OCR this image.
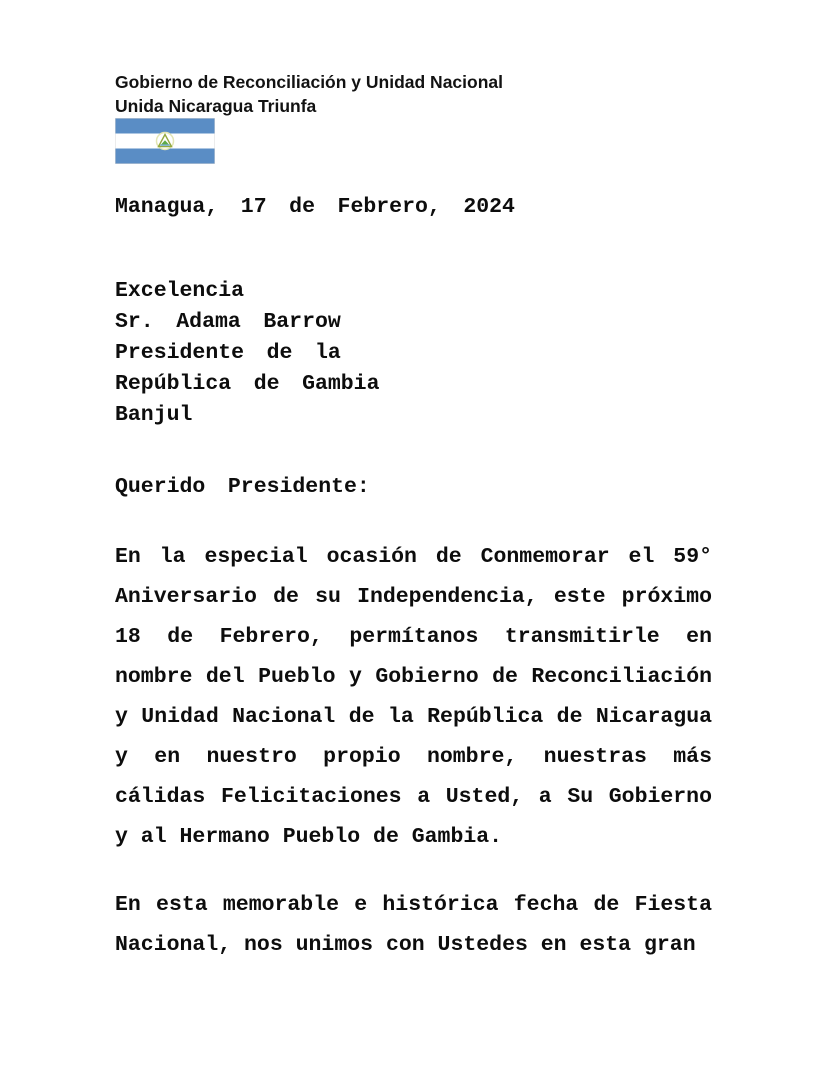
Gobierno de Reconciliación y Unidad Nacional
Unida Nicaragua Triunfa
Managua, 17 de Febrero, 2024
Excelencia
Sr. Adama Barrow
Presidente de la
República de Gambia
Banjul
Querido Presidente:
En la especial ocasión de Conmemorar el 59° Aniversario de su Independencia, este próximo 18 de Febrero, permítanos transmitirle en nombre del Pueblo y Gobierno de Reconciliación y Unidad Nacional de la República de Nicaragua y en nuestro propio nombre, nuestras más cálidas Felicitaciones a Usted, a Su Gobierno y al Hermano Pueblo de Gambia.
En esta memorable e histórica fecha de Fiesta Nacional, nos unimos con Ustedes en esta gran
